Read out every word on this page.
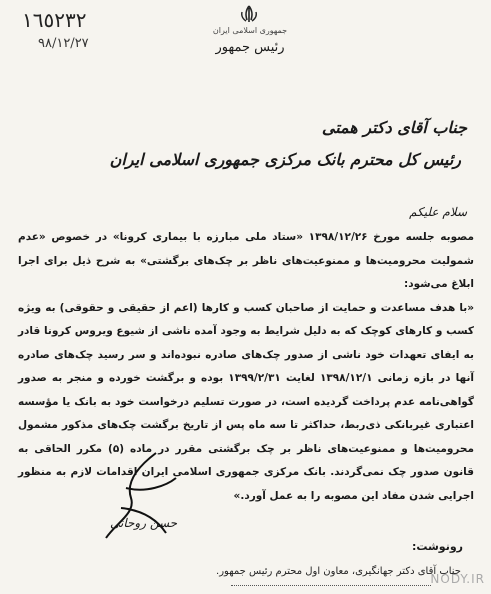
١٦٥٢٣٢
٩٨/١٢/٢٧
جمهوری اسلامی ایران
رئیس جمهور
جناب آقای دکتر همتی
رئیس کل محترم بانک مرکزی جمهوری اسلامی ایران
سلام علیکم

مصوبه جلسه مورخ ۱۳۹۸/۱۲/۲۶ «ستاد ملی مبارزه با بیماری کرونا» در خصوص «عدم شمولیت محرومیت‌ها و ممنوعیت‌های ناظر بر چک‌های برگشتی» به شرح ذیل برای اجرا ابلاغ می‌شود:

«با هدف مساعدت و حمایت از صاحبان کسب و کارها (اعم از حقیقی و حقوقی) به ویژه کسب و کارهای کوچک که به دلیل شرایط به وجود آمده ناشی از شیوع ویروس کرونا قادر به ایفای تعهدات خود ناشی از صدور چک‌های صادره نبوده‌اند و سر رسید چک‌های صادره آنها در بازه زمانی ۱۳۹۸/۱۲/۱ لغایت ۱۳۹۹/۲/۳۱ بوده و برگشت خورده و منجر به صدور گواهی‌نامه عدم پرداخت گردیده است، در صورت تسلیم درخواست خود به بانک یا مؤسسه اعتباری غیربانکی ذی‌ربط، حداکثر تا سه ماه پس از تاریخ برگشت چک‌های مذکور مشمول محرومیت‌ها و ممنوعیت‌های ناظر بر چک برگشتی مقرر در ماده (۵) مکرر الحاقی به قانون صدور چک نمی‌گردند. بانک مرکزی جمهوری اسلامی ایران اقدامات لازم به منظور اجرایی شدن مفاد این مصوبه را به عمل آورد.»

حسن روحانی
رونوشت:
جناب آقای دکتر جهانگیری، معاون اول محترم رئیس جمهور.
NODY.IR
